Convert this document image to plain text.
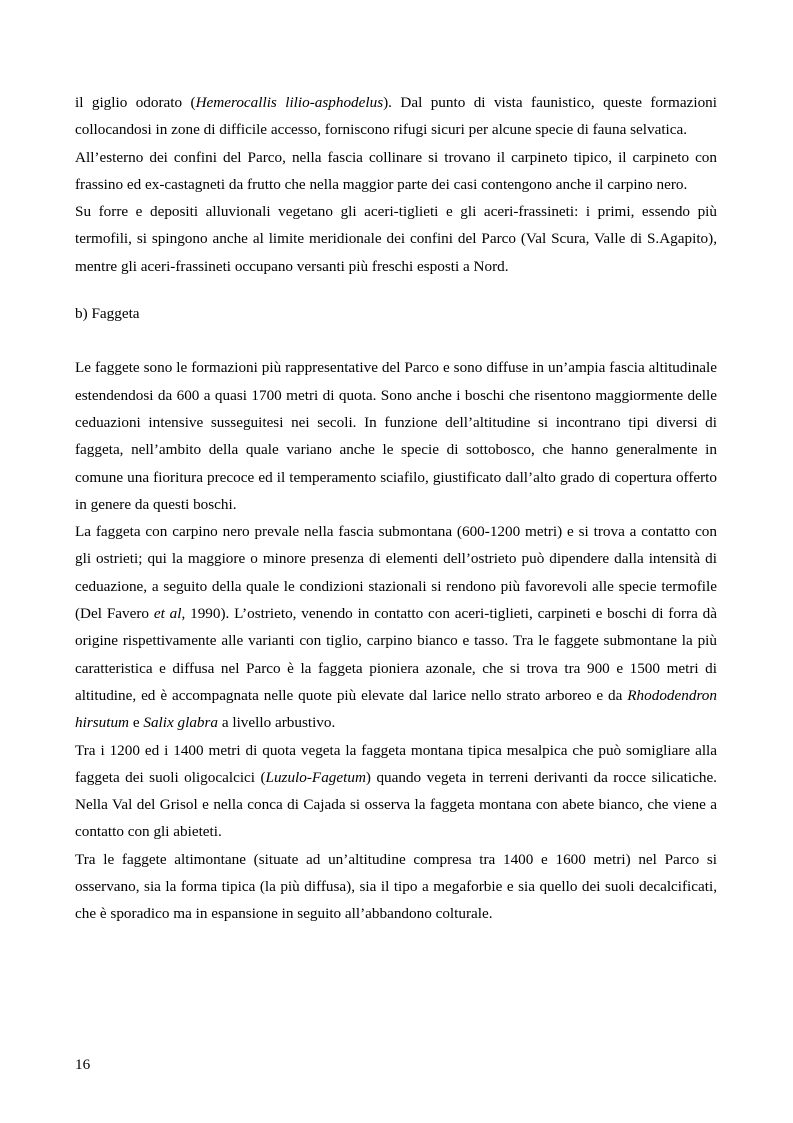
il giglio odorato (Hemerocallis lilio-asphodelus). Dal punto di vista faunistico, queste formazioni collocandosi in zone di difficile accesso, forniscono rifugi sicuri per alcune specie di fauna selvatica.

All’esterno dei confini del Parco, nella fascia collinare si trovano il carpineto tipico, il carpineto con frassino ed ex-castagneti da frutto che nella maggior parte dei casi contengono anche il carpino nero.

Su forre e depositi alluvionali vegetano gli aceri-tiglieti e gli aceri-frassineti: i primi, essendo più termofili, si spingono anche al limite meridionale dei confini del Parco (Val Scura, Valle di S.Agapito), mentre gli aceri-frassineti occupano versanti più freschi esposti a Nord.

b) Faggeta

Le faggete sono le formazioni più rappresentative del Parco e sono diffuse in un’ampia fascia altitudinale estendendosi da 600 a quasi 1700 metri di quota. Sono anche i boschi che risentono maggiormente delle ceduazioni intensive susseguitesi nei secoli. In funzione dell’altitudine si incontrano tipi diversi di faggeta, nell’ambito della quale variano anche le specie di sottobosco, che hanno generalmente in comune una fioritura precoce ed il temperamento sciafilo, giustificato dall’alto grado di copertura offerto in genere da questi boschi.

La faggeta con carpino nero prevale nella fascia submontana (600-1200 metri) e si trova a contatto con gli ostrieti; qui la maggiore o minore presenza di elementi dell’ostrieto può dipendere dalla intensità di ceduazione, a seguito della quale le condizioni stazionali si rendono più favorevoli alle specie termofile (Del Favero et al, 1990). L’ostrieto, venendo in contatto con aceri-tiglieti, carpineti e boschi di forra dà origine rispettivamente alle varianti con tiglio, carpino bianco e tasso. Tra le faggete submontane la più caratteristica e diffusa nel Parco è la faggeta pioniera azonale, che si trova tra 900 e 1500 metri di altitudine, ed è accompagnata nelle quote più elevate dal larice nello strato arboreo e da Rhododendron hirsutum e Salix glabra a livello arbustivo.

Tra i 1200 ed i 1400 metri di quota vegeta la faggeta montana tipica mesalpica che può somigliare alla faggeta dei suoli oligocalcici (Luzulo-Fagetum) quando vegeta in terreni derivanti da rocce silicatiche. Nella Val del Grisol e nella conca di Cajada si osserva la faggeta montana con abete bianco, che viene a contatto con gli abieteti.

Tra le faggete altimontane (situate ad un’altitudine compresa tra 1400 e 1600 metri) nel Parco si osservano, sia la forma tipica (la più diffusa), sia il tipo a megaforbie e sia quello dei suoli decalcificati, che è sporadico ma in espansione in seguito all’abbandono colturale.

16
